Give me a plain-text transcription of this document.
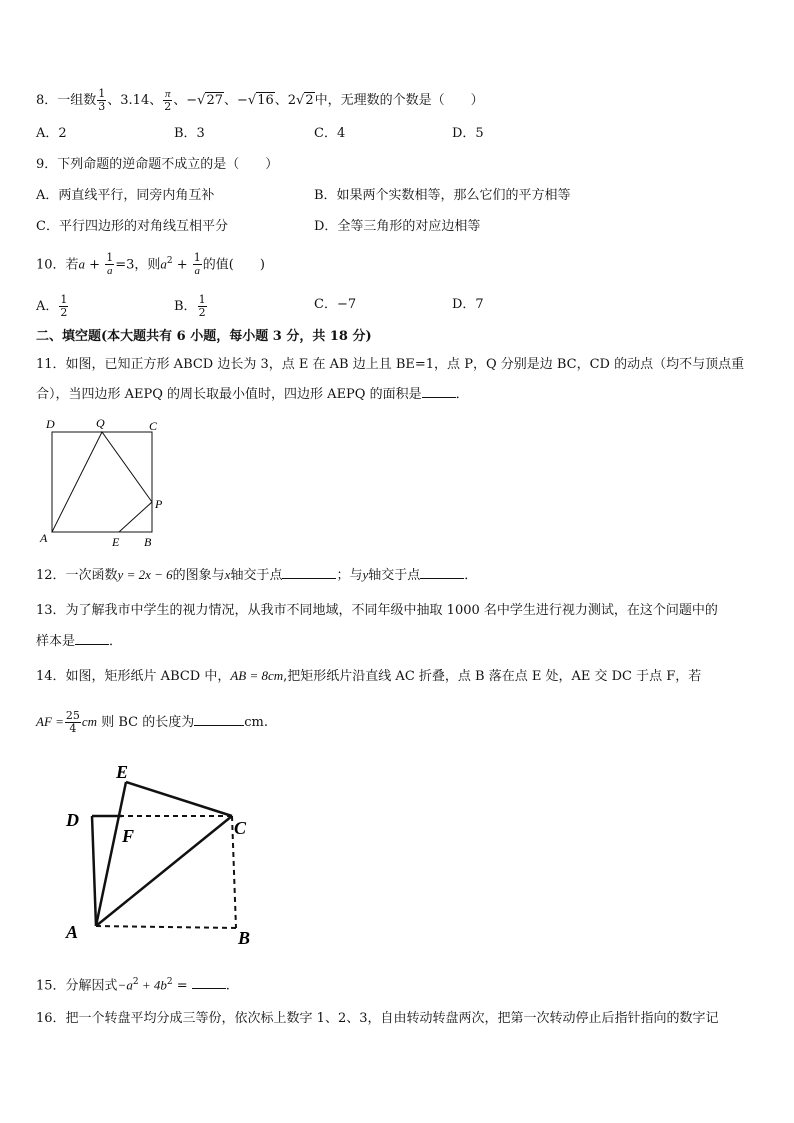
8．一组数 $\frac{1}{3}$ 、3.14、 $\frac{\pi}{2}$ 、−√27、−√16、2√2中，无理数的个数是（　　）
A．2	B．3	C．4	D．5
9．下列命题的逆命题不成立的是（　　）
A．两直线平行，同旁内角互补	B．如果两个实数相等，那么它们的平方相等
C．平行四边形的对角线互相平分	D．全等三角形的对应边相等
10．若$a + \frac{1}{a} =3$，则$a^2 + \frac{1}{a}$ 的值(　　)
A． $\frac{1}{2}$	B． $\frac{1}{2}$	C．−7	D．7
二、填空题(本大题共有 6 小题，每小题 3 分，共 18 分)
11．如图，已知正方形 ABCD 边长为 3，点 E 在 AB 边上且 BE=1，点 P，Q 分别是边 BC，CD 的动点（均不与顶点重
合），当四边形 AEPQ 的周长取最小值时，四边形 AEPQ 的面积是	．
D	Q	C
P
A	E B
12．一次函数y = 2x − 6的图象与x轴交于点	；与y轴交于点	．
13．为了解我市中学生的视力情况，从我市不同地域，不同年级中抽取 1000 名中学生进行视力测试，在这个问题中的
样本是	．
14．如图，矩形纸片 ABCD 中，AB = 8cm,把矩形纸片沿直线 AC 折叠，点 B 落在点 E 处，AE 交 DC 于点 F，若
AF = $\frac{25}{4}$ cm 则 BC 的长度为	cm.
E
D
F	C
A	B
15．分解因式$-a^2 + 4b^2$ =	.
16．把一个转盘平均分成三等份，依次标上数字 1、2、3，自由转动转盘两次，把第一次转动停止后指针指向的数字记
